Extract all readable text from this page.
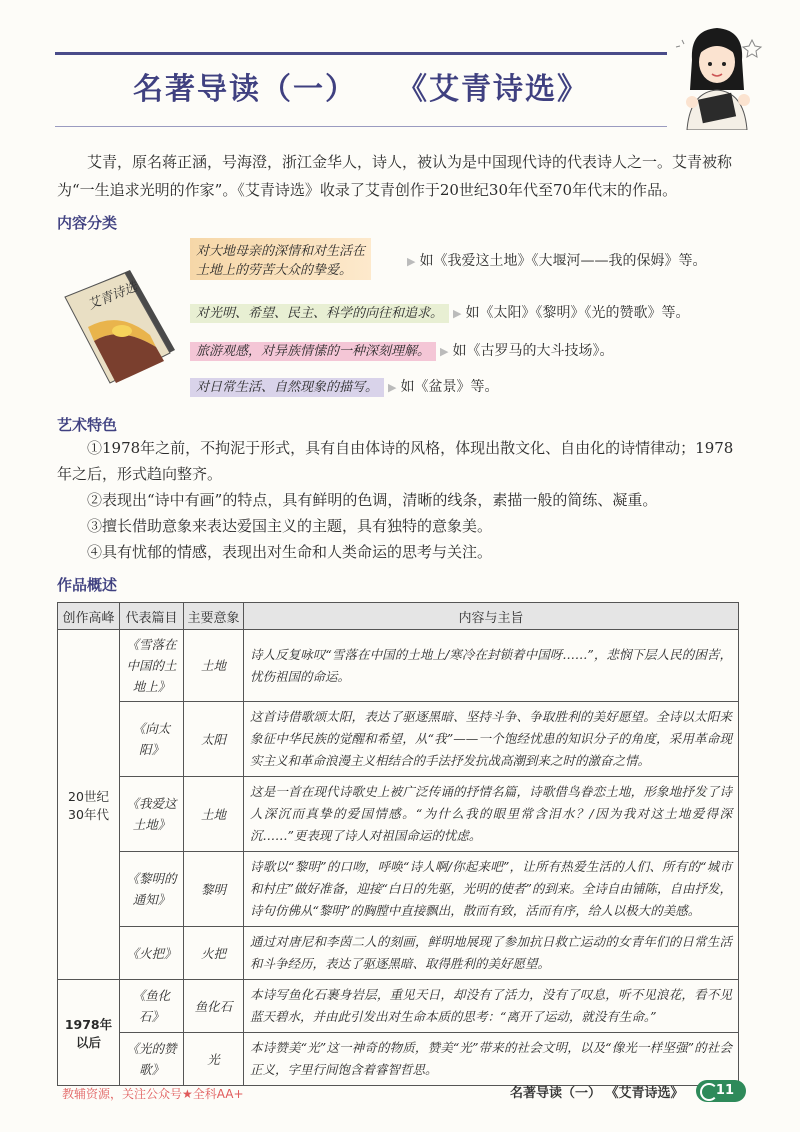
名著导读（一） 《艾青诗选》

艾青，原名蒋正涵，号海澄，浙江金华人，诗人，被认为是中国现代诗的代表诗人之一。艾青被称为“一生追求光明的作家”。《艾青诗选》收录了艾青创作于20世纪30年代至70年代末的作品。

内容分类
艾青诗选
对大地母亲的深情和对生活在
土地上的劳苦大众的挚爱。
▶ 如《我爱这土地》《大堰河——我的保姆》等。
对光明、希望、民主、科学的向往和追求。 ▶ 如《太阳》《黎明》《光的赞歌》等。
旅游观感，对异族情愫的一种深刻理解。 ▶ 如《古罗马的大斗技场》。
对日常生活、自然现象的描写。 ▶ 如《盆景》等。
艺术特色

①1978年之前，不拘泥于形式，具有自由体诗的风格，体现出散文化、自由化的诗情律动；1978年之后，形式趋向整齐。

②表现出“诗中有画”的特点，具有鲜明的色调，清晰的线条，素描一般的简练、凝重。

③擅长借助意象来表达爱国主义的主题，具有独特的意象美。

④具有忧郁的情感，表现出对生命和人类命运的思考与关注。

作品概述
创作高峰	代表篇目	主要意象	内容与主旨
20世纪30年代	《雪落在中国的土地上》	土地	诗人反复咏叹“雪落在中国的土地上/寒冷在封锁着中国呀……”，悲悯下层人民的困苦，忧伤祖国的命运。
	《向太阳》	太阳	这首诗借歌颂太阳，表达了驱逐黑暗、坚持斗争、争取胜利的美好愿望。全诗以太阳来象征中华民族的觉醒和希望，从“我”——一个饱经忧患的知识分子的角度，采用革命现实主义和革命浪漫主义相结合的手法抒发抗战高潮到来之时的激奋之情。
	《我爱这土地》	土地	这是一首在现代诗歌史上被广泛传诵的抒情名篇，诗歌借鸟眷恋土地，形象地抒发了诗人深沉而真挚的爱国情感。“为什么我的眼里常含泪水？/因为我对这土地爱得深沉……”更表现了诗人对祖国命运的忧虑。
	《黎明的通知》	黎明	诗歌以“黎明”的口吻，呼唤“诗人啊/你起来吧”，让所有热爱生活的人们、所有的“城市和村庄”做好准备，迎接“白日的先驱，光明的使者”的到来。全诗自由铺陈，自由抒发，诗句仿佛从“黎明”的胸膛中直接飘出，散而有致，活而有序，给人以极大的美感。
	《火把》	火把	通过对唐尼和李茵二人的刻画，鲜明地展现了参加抗日救亡运动的女青年们的日常生活和斗争经历，表达了驱逐黑暗、取得胜利的美好愿望。
1978年以后	《鱼化石》	鱼化石	本诗写鱼化石裹身岩层，重见天日，却没有了活力，没有了叹息，听不见浪花，看不见蓝天碧水，并由此引发出对生命本质的思考：“离开了运动，就没有生命。”
	《光的赞歌》	光	本诗赞美“光”这一神奇的物质，赞美“光”带来的社会文明，以及“像光一样坚强”的社会正义，字里行间饱含着睿智哲思。
教辅资源，关注公众号★全科AA+	名著导读（一） 《艾青诗选》	11
